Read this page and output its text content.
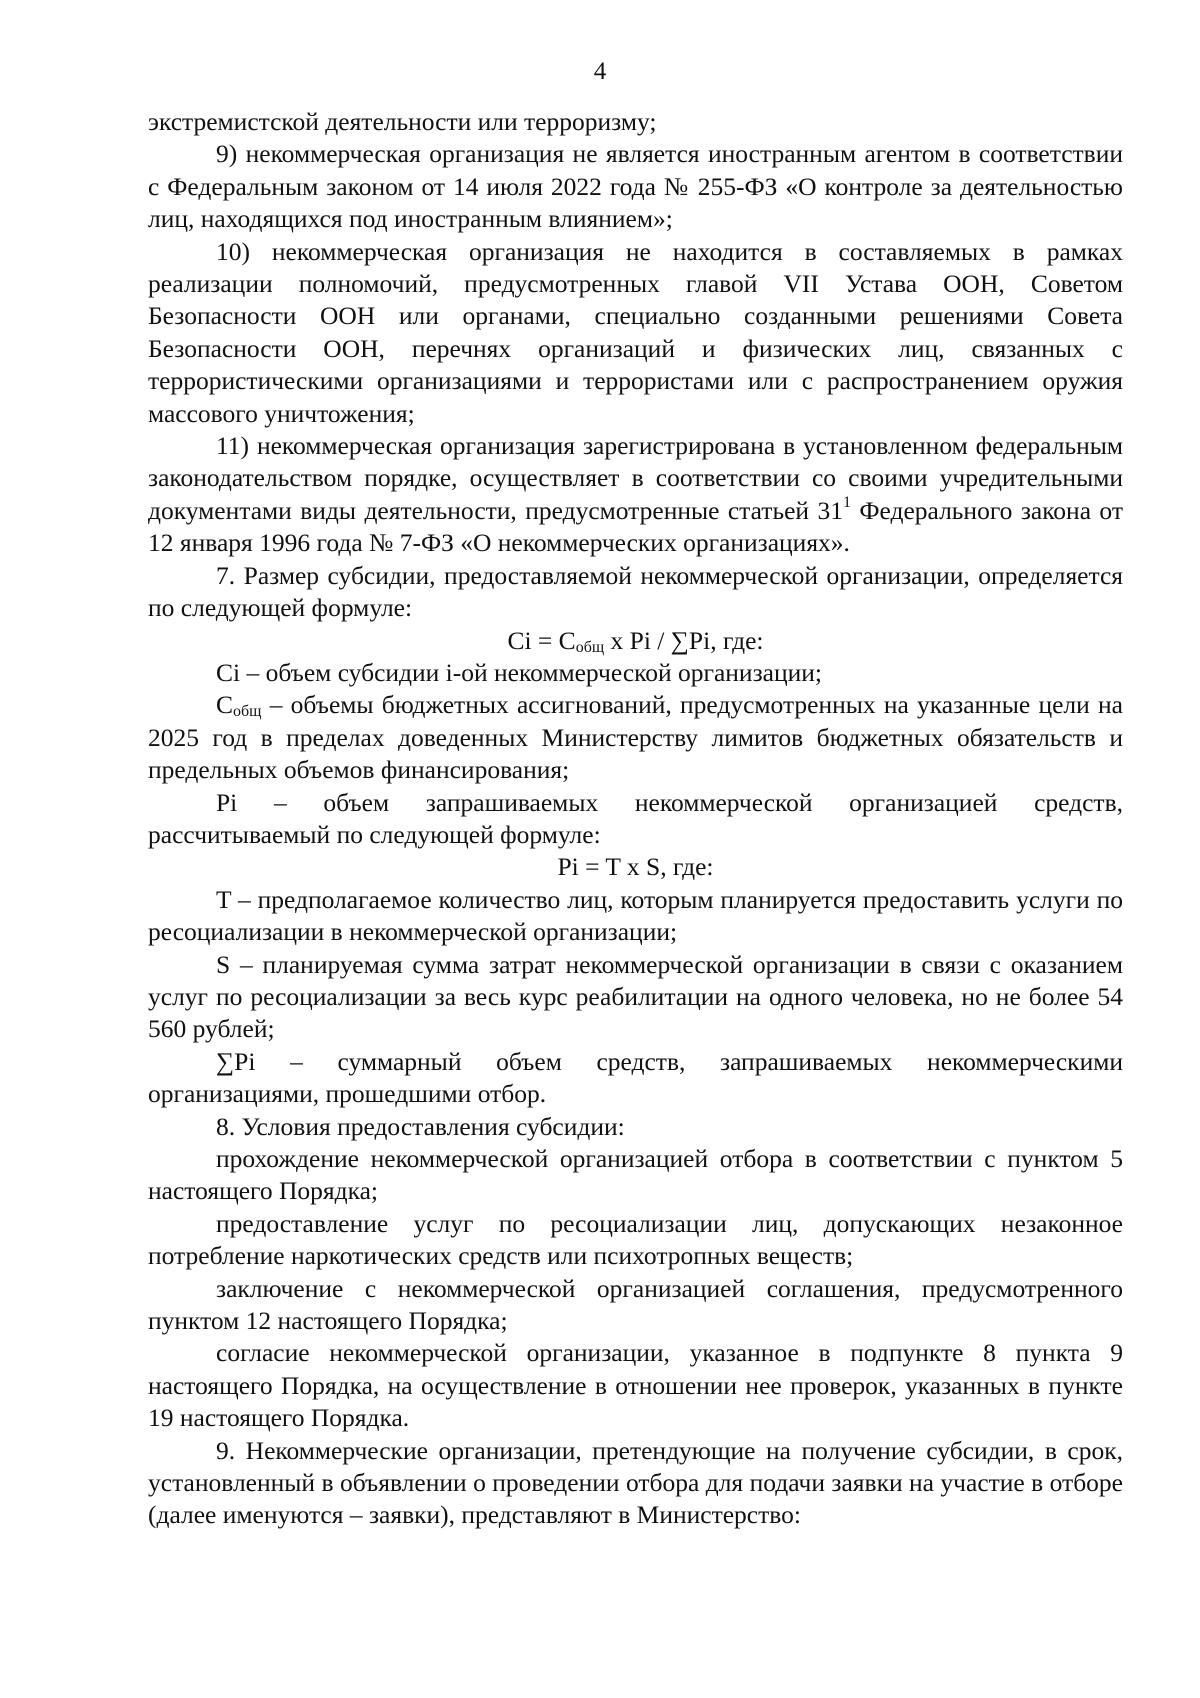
4

экстремистской деятельности или терроризму;

9) некоммерческая организация не является иностранным агентом в соответствии с Федеральным законом от 14 июля 2022 года № 255-ФЗ «О контроле за деятельностью лиц, находящихся под иностранным влиянием»;

10) некоммерческая организация не находится в составляемых в рамках реализации полномочий, предусмотренных главой VII Устава ООН, Советом Безопасности ООН или органами, специально созданными решениями Совета Безопасности ООН, перечнях организаций и физических лиц, связанных с террористическими организациями и террористами или с распространением оружия массового уничтожения;

11) некоммерческая организация зарегистрирована в установленном федеральным законодательством порядке, осуществляет в соответствии со своими учредительными документами виды деятельности, предусмотренные статьей $31^1$ Федерального закона от 12 января 1996 года № 7-ФЗ «О некоммерческих организациях».

7. Размер субсидии, предоставляемой некоммерческой организации, определяется по следующей формуле:

$Ci = C_{общ}$ x Pi / ∑Pi, где:

Ci – объем субсидии i-ой некоммерческой организации;

$C_{общ}$ – объемы бюджетных ассигнований, предусмотренных на указанные цели на 2025 год в пределах доведенных Министерству лимитов бюджетных обязательств и предельных объемов финансирования;

Pi – объем запрашиваемых некоммерческой организацией средств, рассчитываемый по следующей формуле:

Pi = T x S, где:

T – предполагаемое количество лиц, которым планируется предоставить услуги по ресоциализации в некоммерческой организации;

S – планируемая сумма затрат некоммерческой организации в связи с оказанием услуг по ресоциализации за весь курс реабилитации на одного человека, но не более 54 560 рублей;

∑Pi – суммарный объем средств, запрашиваемых некоммерческими организациями, прошедшими отбор.

8. Условия предоставления субсидии:

прохождение некоммерческой организацией отбора в соответствии с пунктом 5 настоящего Порядка;

предоставление услуг по ресоциализации лиц, допускающих незаконное потребление наркотических средств или психотропных веществ;

заключение с некоммерческой организацией соглашения, предусмотренного пунктом 12 настоящего Порядка;

согласие некоммерческой организации, указанное в подпункте 8 пункта 9 настоящего Порядка, на осуществление в отношении нее проверок, указанных в пункте 19 настоящего Порядка.

9. Некоммерческие организации, претендующие на получение субсидии, в срок, установленный в объявлении о проведении отбора для подачи заявки на участие в отборе (далее именуются – заявки), представляют в Министерство:
